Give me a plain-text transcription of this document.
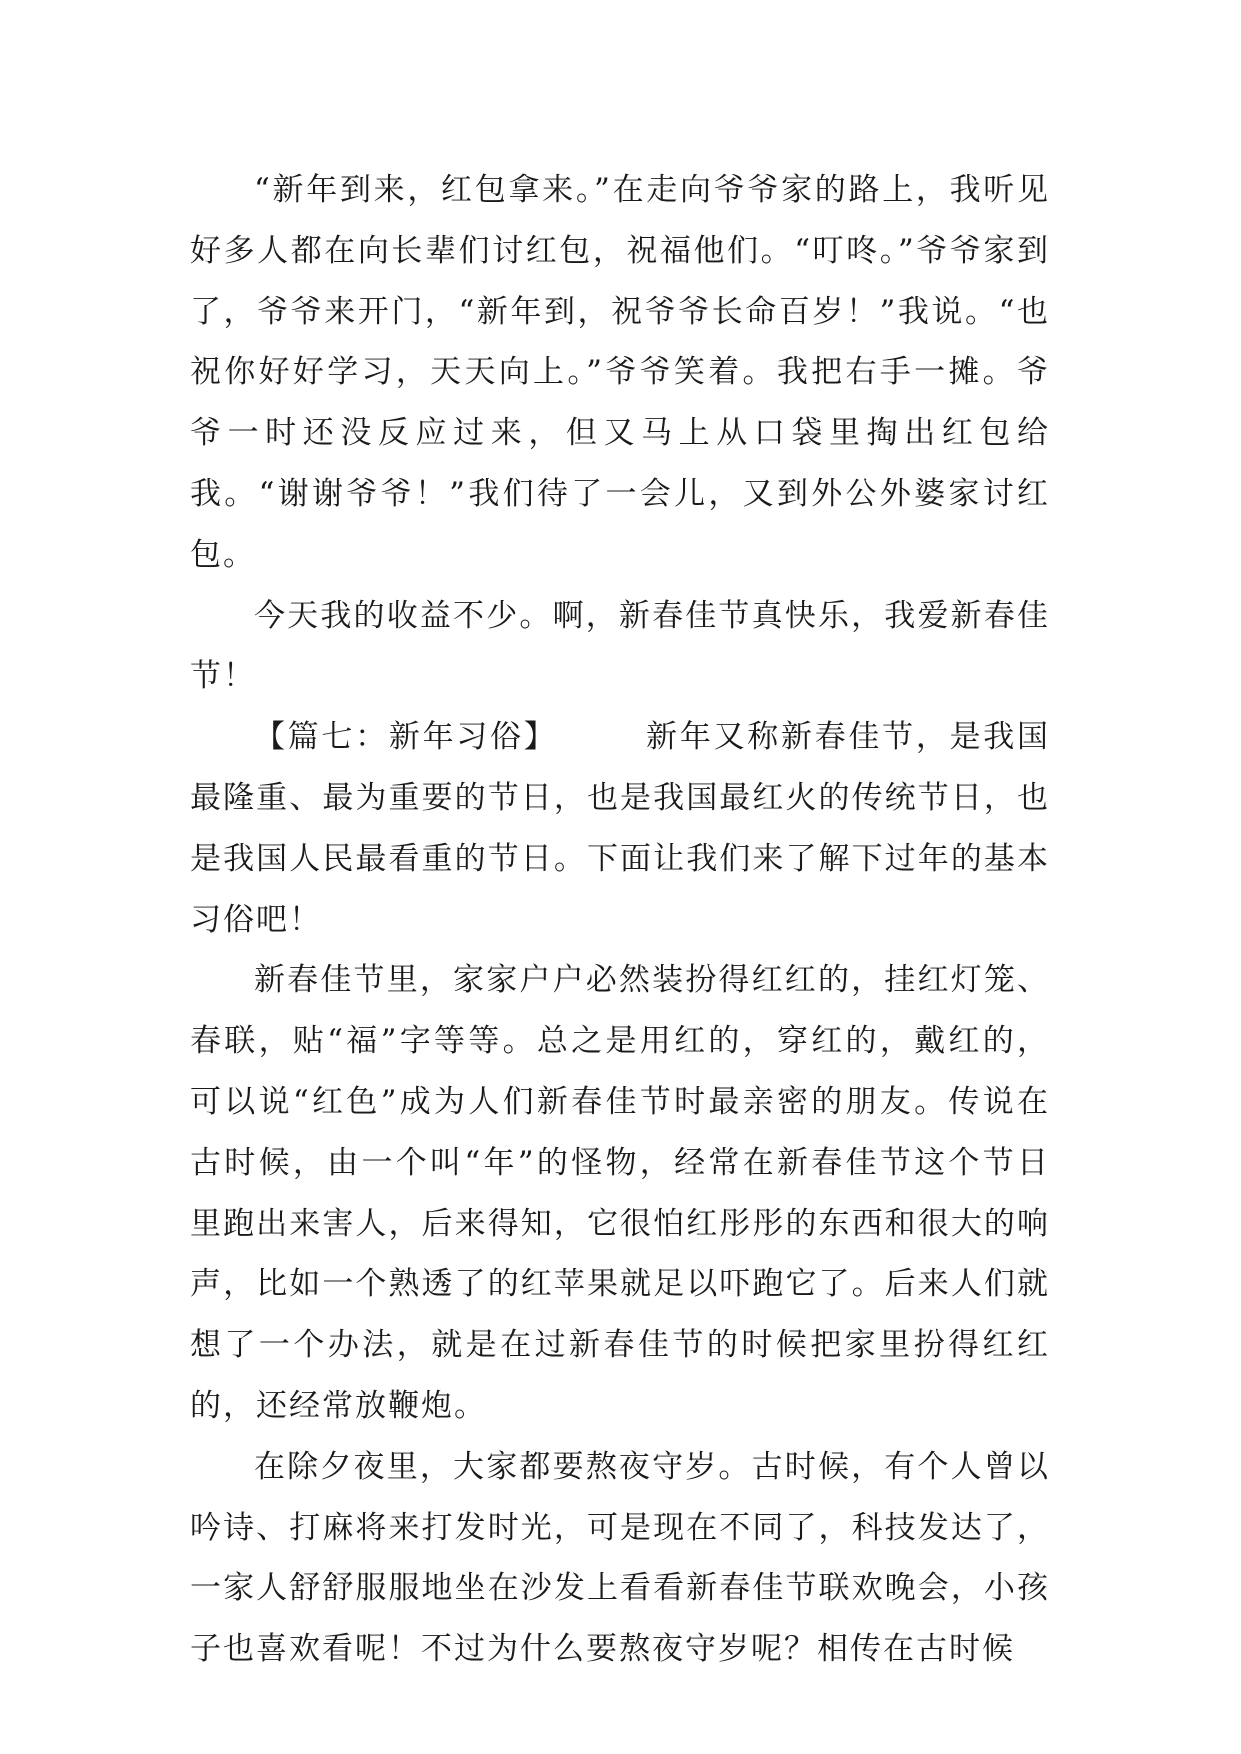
“新年到来，红包拿来。”在走向爷爷家的路上，我听见好多人都在向长辈们讨红包，祝福他们。“叮咚。”爷爷家到了，爷爷来开门，“新年到，祝爷爷长命百岁！”我说。“也祝你好好学习，天天向上。”爷爷笑着。我把右手一摊。爷爷一时还没反应过来，但又马上从口袋里掏出红包给我。“谢谢爷爷！”我们待了一会儿，又到外公外婆家讨红包。

今天我的收益不少。啊，新春佳节真快乐，我爱新春佳节！

【篇七：新年习俗】	新年又称新春佳节，是我国最隆重、最为重要的节日，也是我国最红火的传统节日，也是我国人民最看重的节日。下面让我们来了解下过年的基本习俗吧！

新春佳节里，家家户户必然装扮得红红的，挂红灯笼、春联，贴“福”字等等。总之是用红的，穿红的，戴红的，可以说“红色”成为人们新春佳节时最亲密的朋友。传说在古时候，由一个叫“年”的怪物，经常在新春佳节这个节日里跑出来害人，后来得知，它很怕红彤彤的东西和很大的响声，比如一个熟透了的红苹果就足以吓跑它了。后来人们就想了一个办法，就是在过新春佳节的时候把家里扮得红红的，还经常放鞭炮。

在除夕夜里，大家都要熬夜守岁。古时候，有个人曾以吟诗、打麻将来打发时光，可是现在不同了，科技发达了，一家人舒舒服服地坐在沙发上看看新春佳节联欢晚会，小孩子也喜欢看呢！不过为什么要熬夜守岁呢？相传在古时候
